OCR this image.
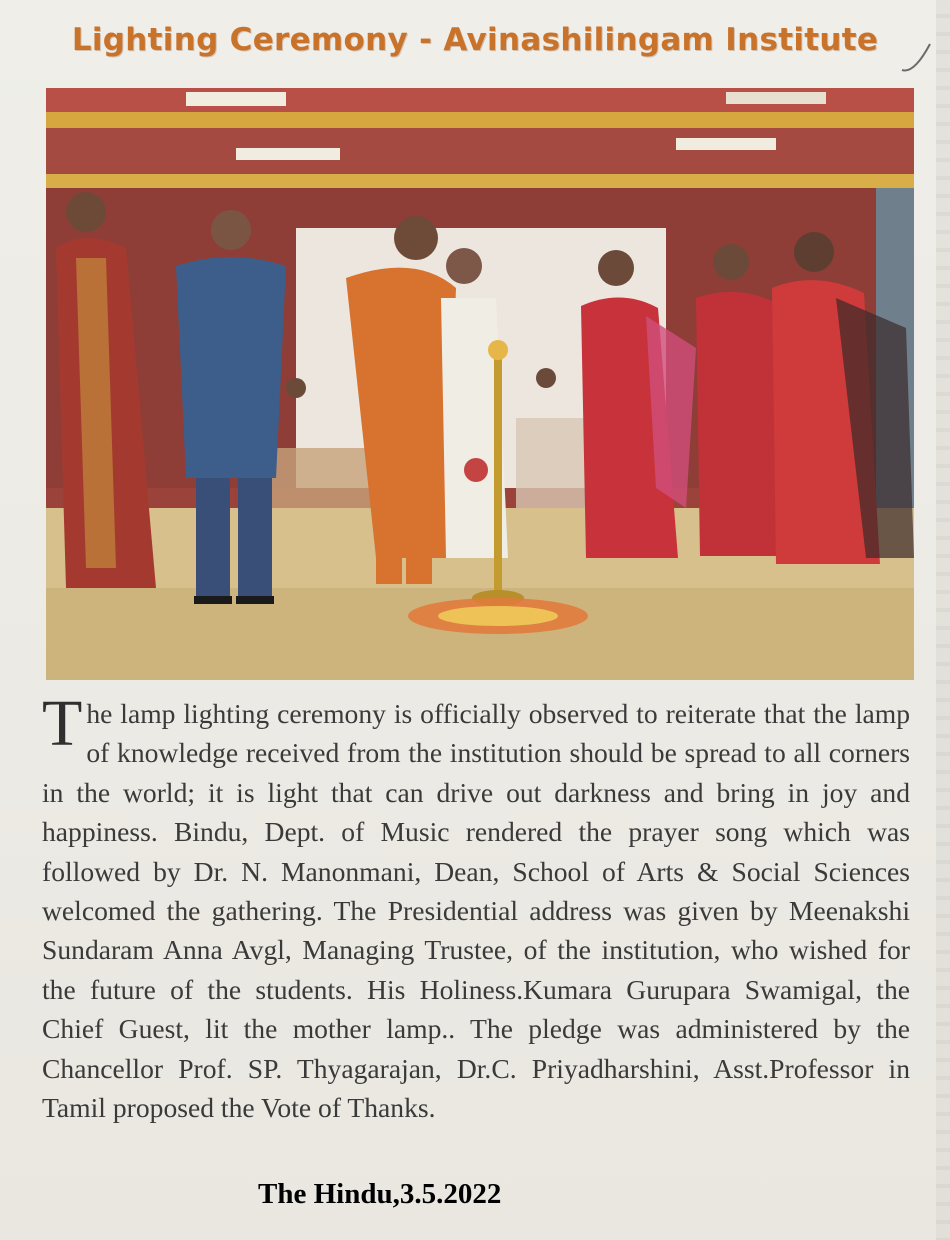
Lighting Ceremony - Avinashilingam Institute
The lamp lighting ceremony is officially observed to reiterate that the lamp of knowledge received from the institution should be spread to all corners in the world; it is light that can drive out darkness and bring in joy and happiness. Bindu, Dept. of Music rendered the prayer song which was followed by Dr. N. Manonmani, Dean, School of Arts & Social Sciences welcomed the gathering. The Presidential address was given by Meenakshi Sundaram Anna Avgl, Managing Trustee, of the institution, who wished for the future of the students. His Holiness.Kumara Gurupara Swamigal, the Chief Guest, lit the mother lamp.. The pledge was administered by the Chancellor Prof. SP. Thyagarajan, Dr.C. Priyadharshini, Asst.Professor in Tamil proposed the Vote of Thanks.
The Hindu,3.5.2022
